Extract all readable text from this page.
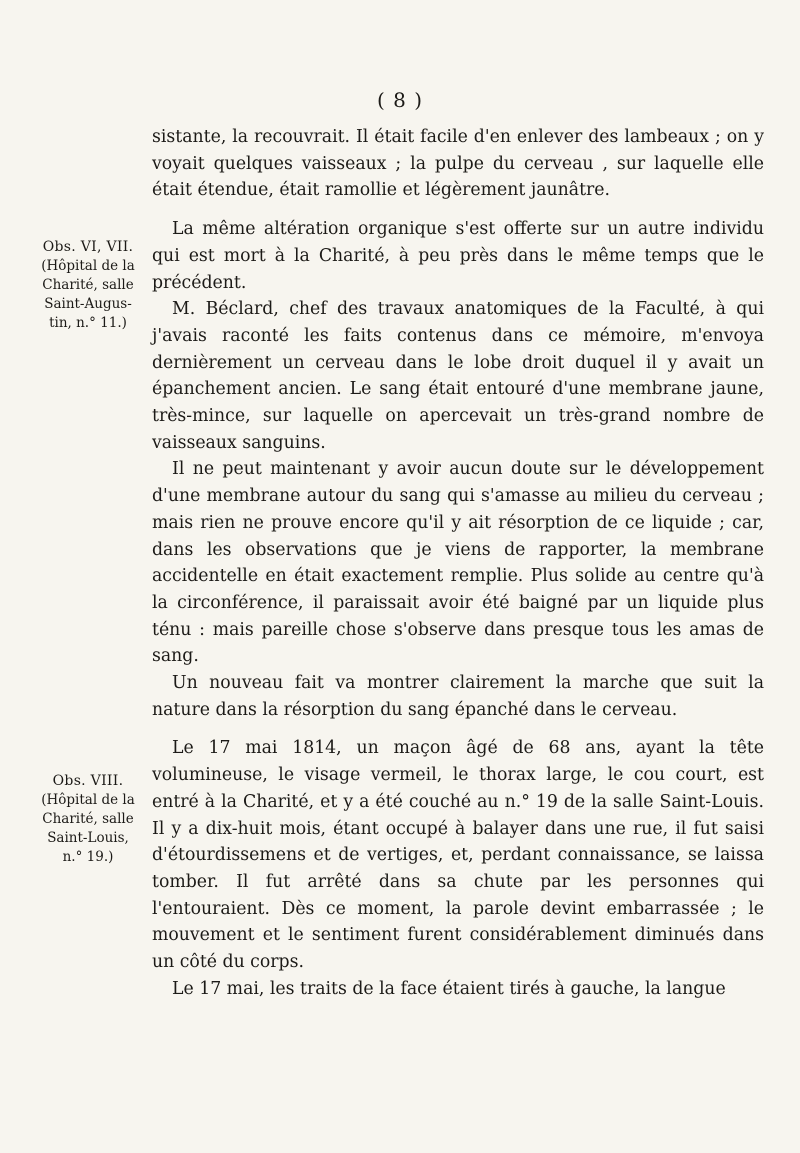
( 8 )
Obs. VI, VII.
(Hôpital de la
Charité, salle
Saint-Augus-
tin, n.° 11.)
Obs. VIII.
(Hôpital de la
Charité, salle
Saint-Louis,
n.° 19.)

sistante, la recouvrait. Il était facile d'en enlever des lambeaux ; on y voyait quelques vaisseaux ; la pulpe du cerveau , sur laquelle elle était étendue, était ramollie et légèrement jaunâtre.

La même altération organique s'est offerte sur un autre individu qui est mort à la Charité, à peu près dans le même temps que le précédent.

M. Béclard, chef des travaux anatomiques de la Faculté, à qui j'avais raconté les faits contenus dans ce mémoire, m'envoya dernièrement un cerveau dans le lobe droit duquel il y avait un épanchement ancien. Le sang était entouré d'une membrane jaune, très-mince, sur laquelle on apercevait un très-grand nombre de vaisseaux sanguins.

Il ne peut maintenant y avoir aucun doute sur le développement d'une membrane autour du sang qui s'amasse au milieu du cerveau ; mais rien ne prouve encore qu'il y ait résorption de ce liquide ; car, dans les observations que je viens de rapporter, la membrane accidentelle en était exactement remplie. Plus solide au centre qu'à la circonférence, il paraissait avoir été baigné par un liquide plus ténu : mais pareille chose s'observe dans presque tous les amas de sang.

Un nouveau fait va montrer clairement la marche que suit la nature dans la résorption du sang épanché dans le cerveau.

Le 17 mai 1814, un maçon âgé de 68 ans, ayant la tête volumineuse, le visage vermeil, le thorax large, le cou court, est entré à la Charité, et y a été couché au n.° 19 de la salle Saint-Louis. Il y a dix-huit mois, étant occupé à balayer dans une rue, il fut saisi d'étourdissemens et de vertiges, et, perdant connaissance, se laissa tomber. Il fut arrêté dans sa chute par les personnes qui l'entouraient. Dès ce moment, la parole devint embarrassée ; le mouvement et le sentiment furent considérablement diminués dans un côté du corps.

Le 17 mai, les traits de la face étaient tirés à gauche, la langue
